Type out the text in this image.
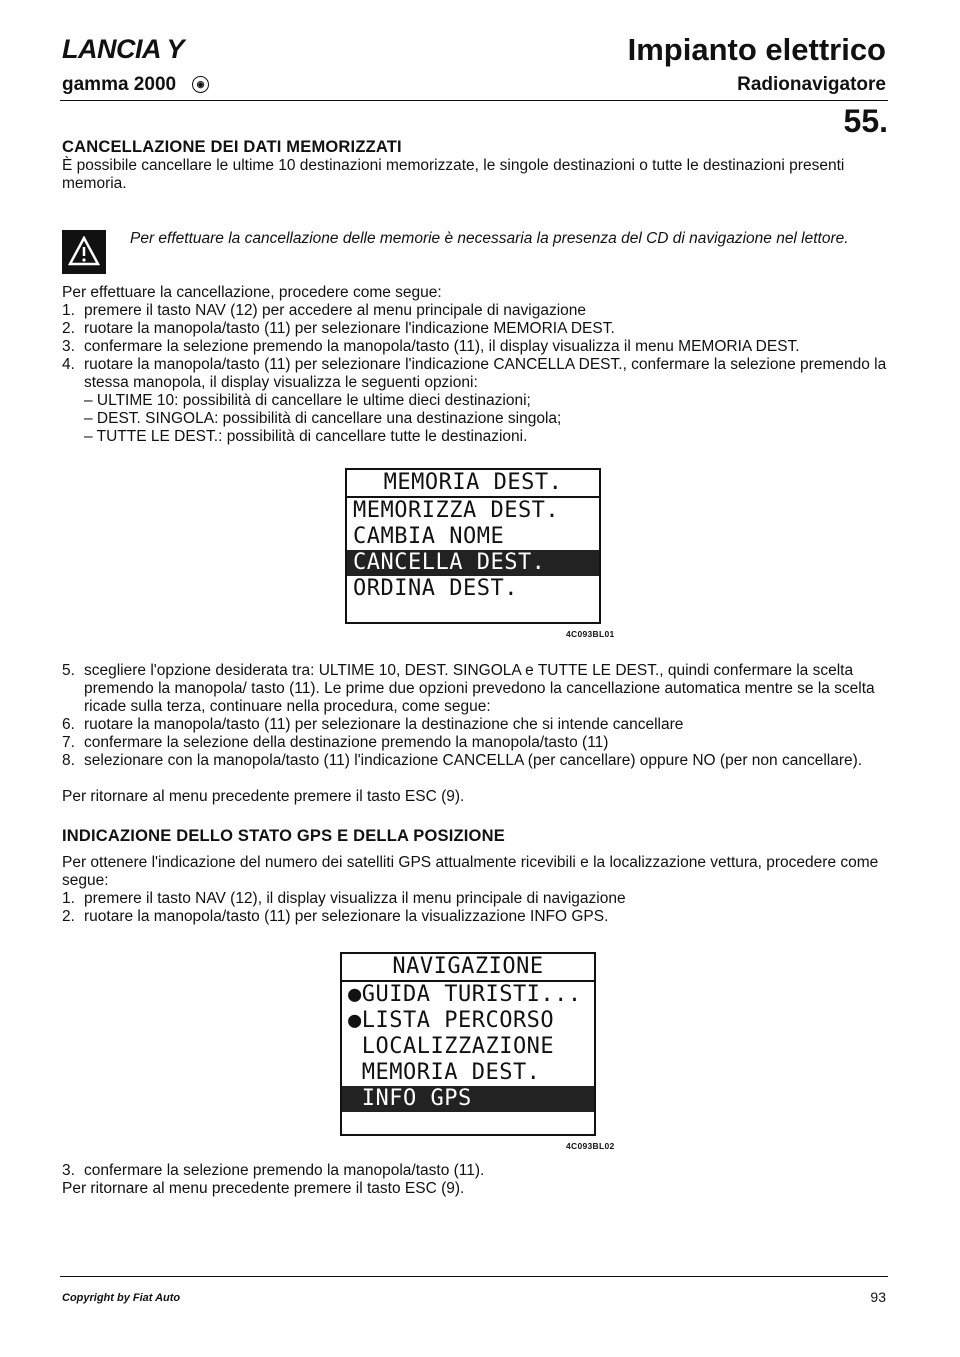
LANCIA Y
gamma 2000	◉
Impianto elettrico
Radionavigatore
55.
CANCELLAZIONE DEI DATI MEMORIZZATI
È possibile cancellare le ultime 10 destinazioni memorizzate, le singole destinazioni o tutte le destinazioni presenti memoria.
Per effettuare la cancellazione delle memorie è necessaria la presenza del CD di navigazione nel lettore.
Per effettuare la cancellazione, procedere come segue:
1. premere il tasto NAV (12) per accedere al menu principale di navigazione
2. ruotare la manopola/tasto (11) per selezionare l'indicazione MEMORIA DEST.
3. confermare la selezione premendo la manopola/tasto (11), il display visualizza il menu MEMORIA DEST.
4. ruotare la manopola/tasto (11) per selezionare l'indicazione CANCELLA DEST., confermare la selezione premendo la stessa manopola, il display visualizza le seguenti opzioni:
– ULTIME 10: possibilità di cancellare le ultime dieci destinazioni;
– DEST. SINGOLA: possibilità di cancellare una destinazione singola;
– TUTTE LE DEST.: possibilità di cancellare tutte le destinazioni.
MEMORIA DEST.
MEMORIZZA DEST.
CAMBIA NOME
CANCELLA DEST.
ORDINA DEST.
4C093BL01
5. scegliere l'opzione desiderata tra: ULTIME 10, DEST. SINGOLA e TUTTE LE DEST., quindi confermare la scelta premendo la manopola/ tasto (11). Le prime due opzioni prevedono la cancellazione automatica mentre se la scelta ricade sulla terza, continuare nella procedura, come segue:
6. ruotare la manopola/tasto (11) per selezionare la destinazione che si intende cancellare
7. confermare la selezione della destinazione premendo la manopola/tasto (11)
8. selezionare con la manopola/tasto (11) l'indicazione CANCELLA (per cancellare) oppure NO (per non cancellare).
Per ritornare al menu precedente premere il tasto ESC (9).
INDICAZIONE DELLO STATO GPS E DELLA POSIZIONE
Per ottenere l'indicazione del numero dei satelliti GPS attualmente ricevibili e la localizzazione vettura, procedere come segue:
1. premere il tasto NAV (12), il display visualizza il menu principale di navigazione
2. ruotare la manopola/tasto (11) per selezionare la visualizzazione INFO GPS.
NAVIGAZIONE
●GUIDA TURISTI...
●LISTA PERCORSO
LOCALIZZAZIONE
MEMORIA DEST.
INFO GPS
4C093BL02
3. confermare la selezione premendo la manopola/tasto (11).
Per ritornare al menu precedente premere il tasto ESC (9).
Copyright by Fiat Auto	93
